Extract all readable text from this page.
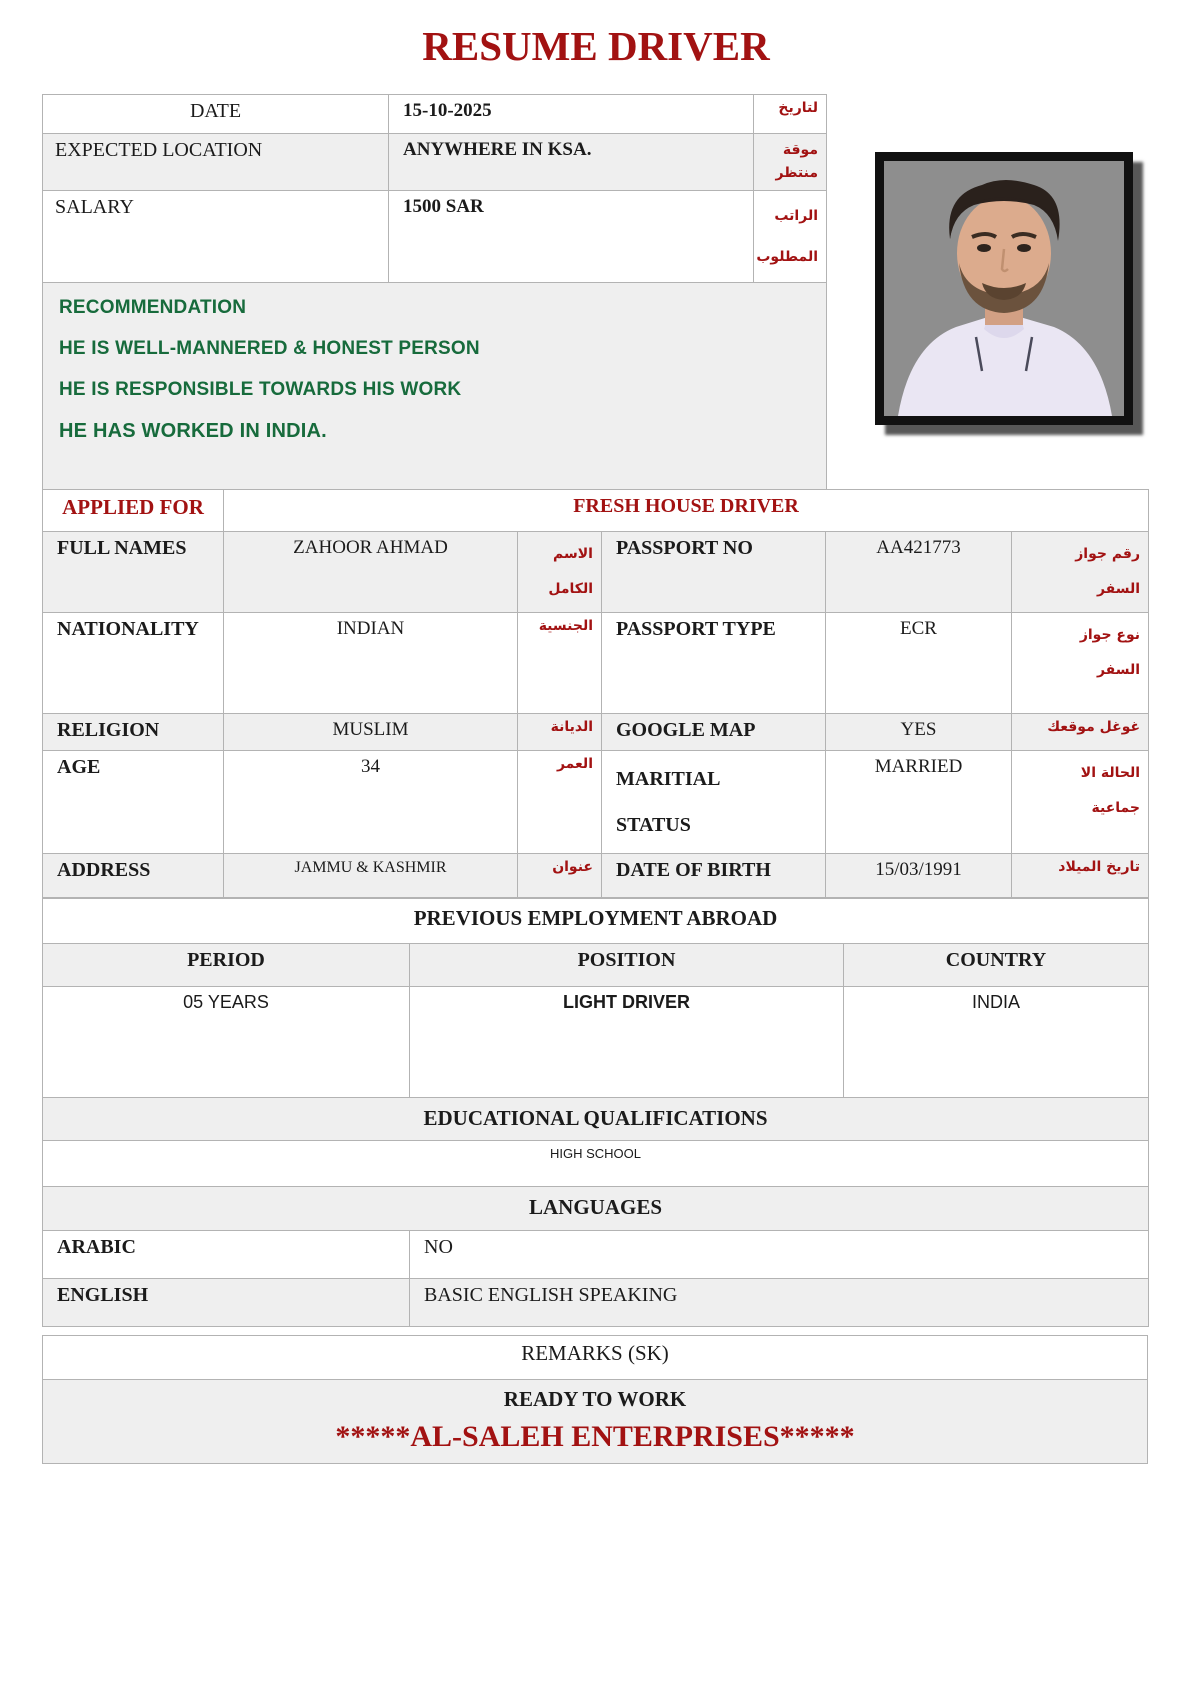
RESUME DRIVER
DATE	15-10-2025	لتاريخ
EXPECTED LOCATION	ANYWHERE IN KSA.	موقة منتظر
SALARY	1500 SAR	الراتب المطلوب

RECOMMENDATION

HE IS WELL-MANNERED & HONEST PERSON

HE IS RESPONSIBLE TOWARDS HIS WORK

HE HAS WORKED IN INDIA.		

APPLIED FOR	FRESH HOUSE DRIVER				
FULL NAMES	ZAHOOR AHMAD	الاسم الكامل	PASSPORT NO	AA421773	رقم جواز السفر
NATIONALITY	INDIAN	الجنسية	PASSPORT TYPE	ECR	نوع جواز السفر
RELIGION	MUSLIM	الديانة	GOOGLE MAP	YES	غوغل موقعك
AGE	34	العمر	MARITIAL STATUS	MARRIED	الحالة الا جماعية
ADDRESS	JAMMU & KASHMIR	عنوان	DATE OF BIRTH	15/03/1991	تاريخ الميلاد
PREVIOUS EMPLOYMENT ABROAD		
PERIOD	POSITION	COUNTRY
05 YEARS	LIGHT DRIVER	INDIA
EDUCATIONAL QUALIFICATIONS		
HIGH SCHOOL		
LANGUAGES		
ARABIC	NO	
ENGLISH	BASIC ENGLISH SPEAKING	
REMARKS (SK)

READY TO WORK

*****AL-SALEH ENTERPRISES*****
